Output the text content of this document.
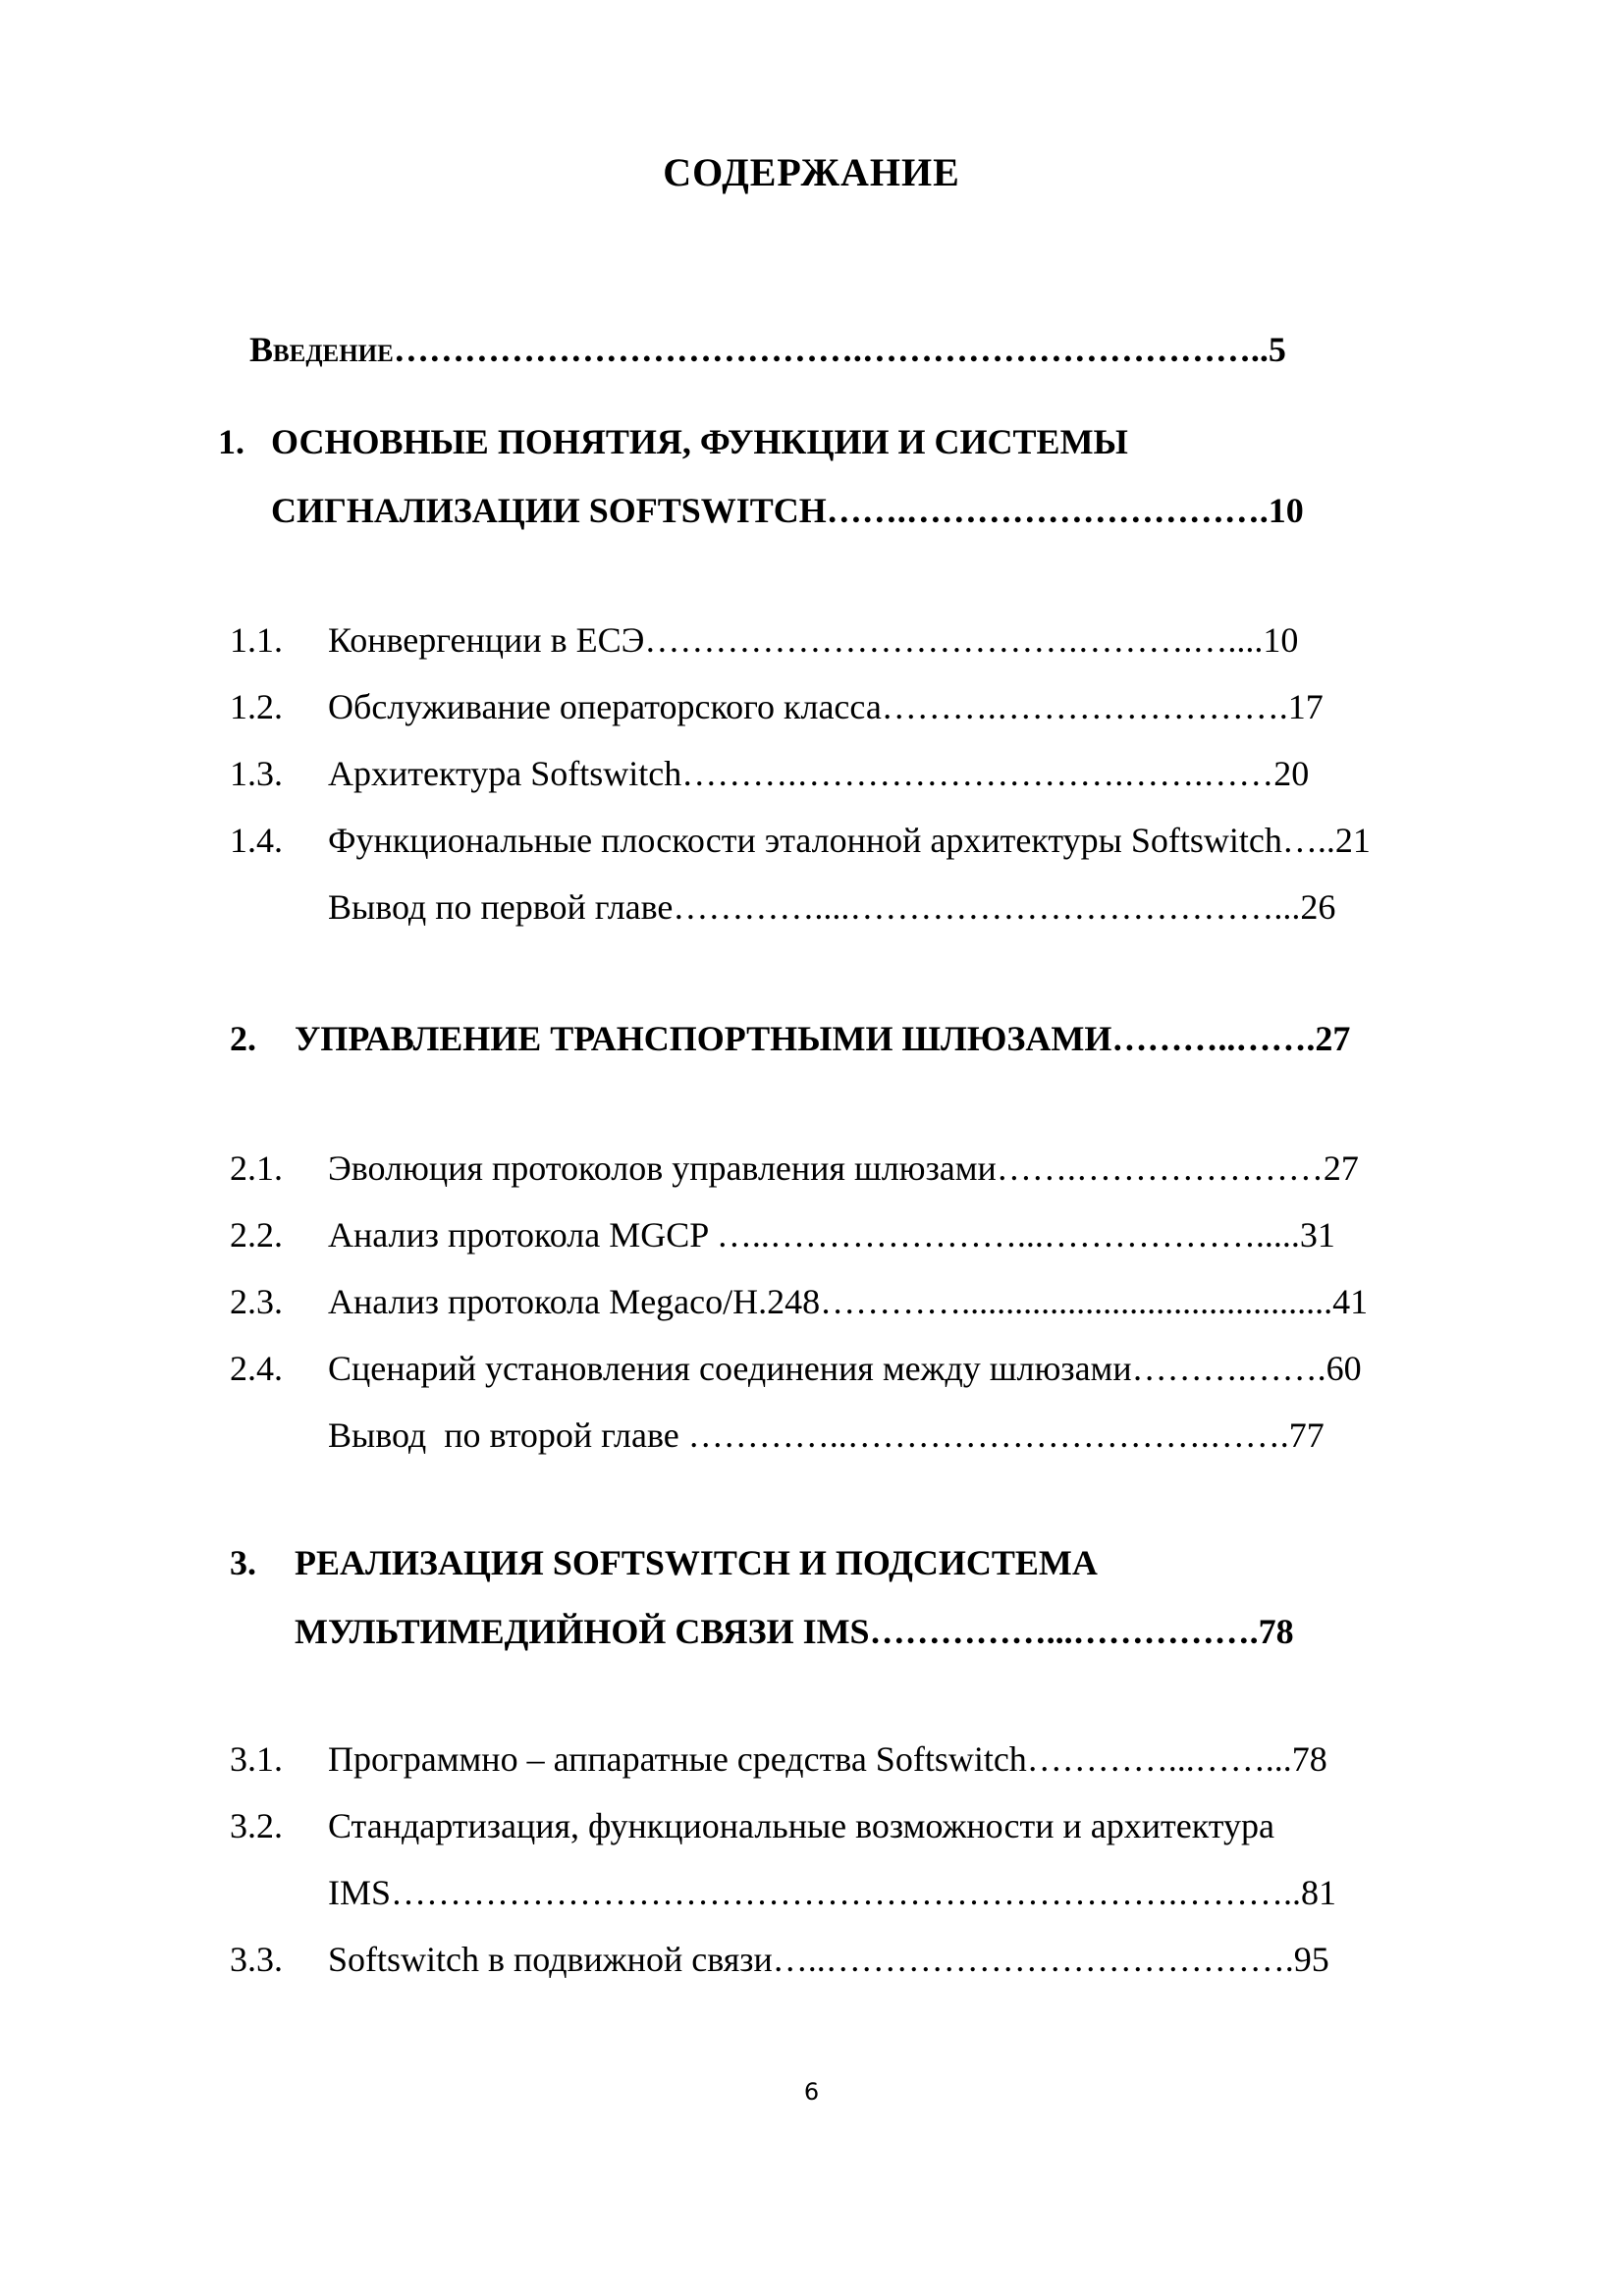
СОДЕРЖАНИЕ

Введение………………………………….……………………………..5

1. ОСНОВНЫЕ ПОНЯТИЯ, ФУНКЦИИ И СИСТЕМЫ
СИГНАЛИЗАЦИИ SOFTSWITCH…….………………………….10
1.1. Конвергенции в ЕСЭ……………………………….……….…....10
1.2. Обслуживание операторского класса……….…………………….17
1.3. Архитектура Softswitch……….……………………….…….……20
1.4. Функциональные плоскости эталонной архитектуры Softswitch…..21
Вывод по первой главе…………....………………………………...26
2. УПРАВЛЕНИЕ ТРАНСПОРТНЫМИ ШЛЮЗАМИ………..…….27
2.1. Эволюция протоколов управления шлюзами…….…………………27
2.2. Анализ протокола MGCP …..…………………...……………….....31
2.3. Анализ протокола Megaco/H.248…………..........................................41
2.4. Сценарий установления соединения между шлюзами……….…….60
Вывод  по второй главе …………..………………………….…….77
3. РЕАЛИЗАЦИЯ SOFTSWITCH И ПОДСИСТЕМА
МУЛЬТИМЕДИЙНОЙ СВЯЗИ IMS……………...…………….78
3.1. Программно – аппаратные средства Softswitch…………...……...78
3.2. Стандартизация, функциональные возможности и архитектура
IMS………………………………………………………….………..81
3.3. Softswitch в подвижной связи…..………………………………….95
6
